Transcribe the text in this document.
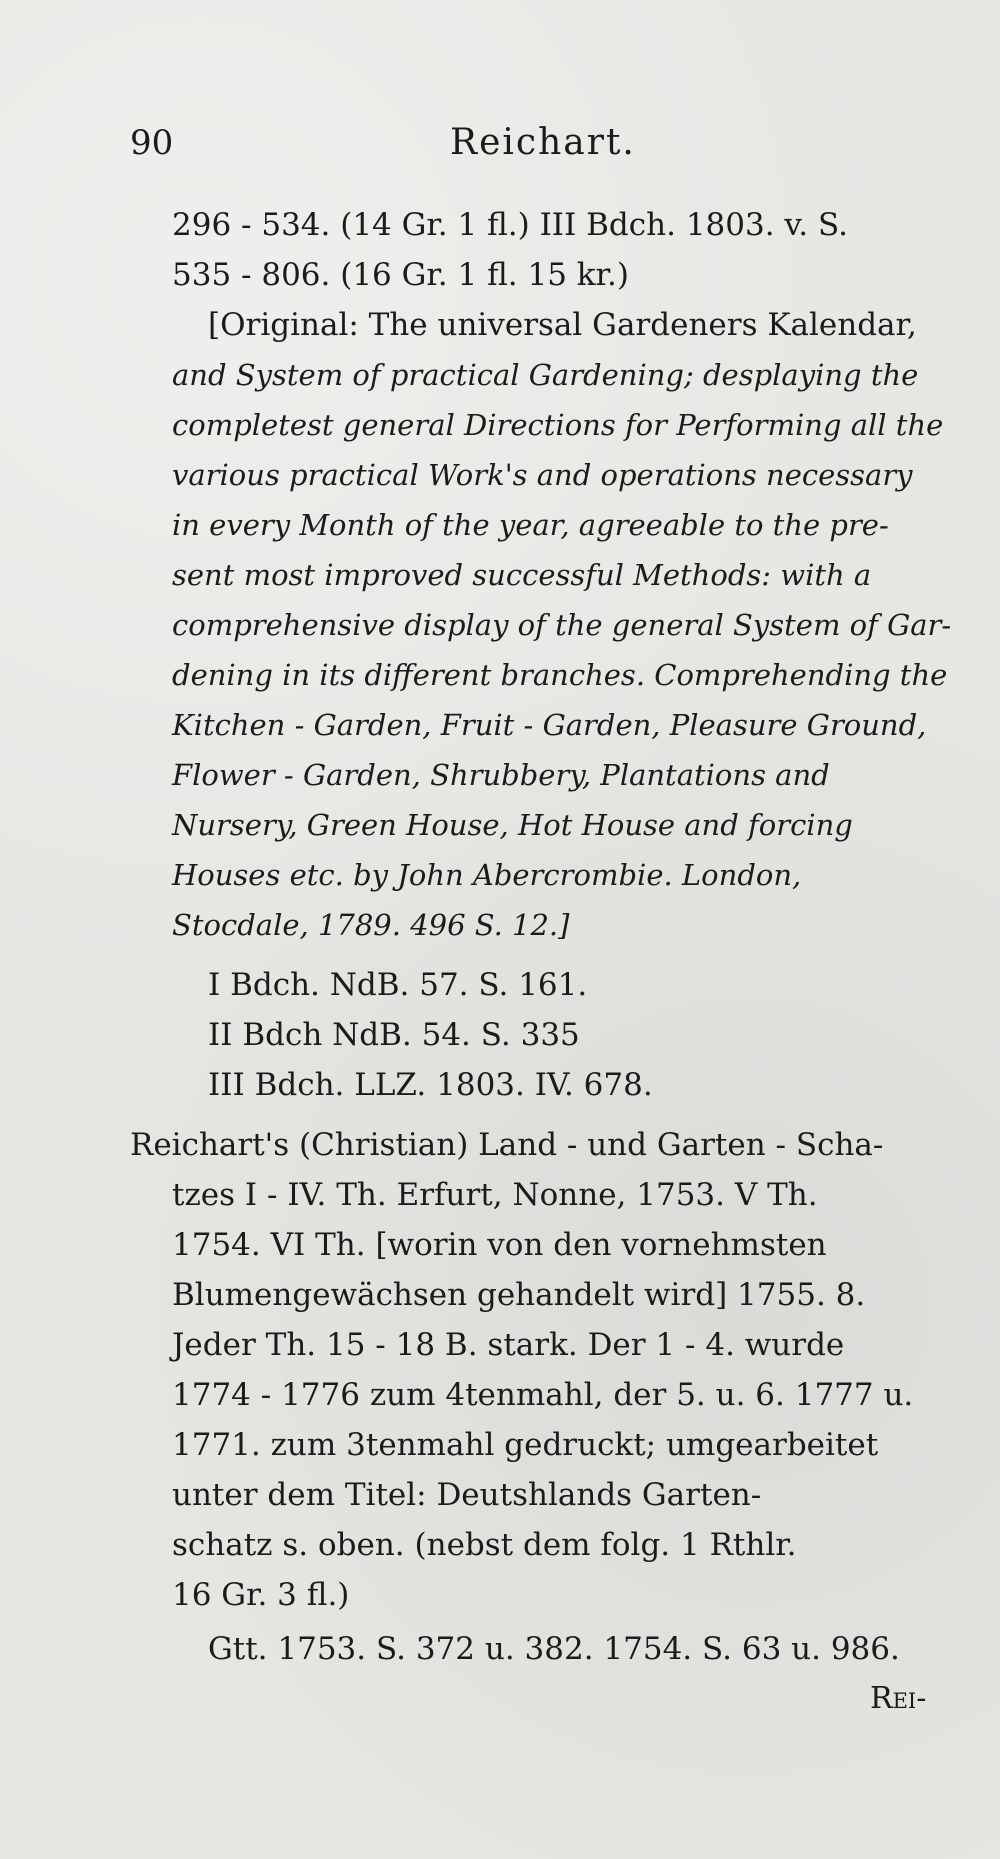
90	Reichart.
296 - 534. (14 Gr. 1 fl.) III Bdch. 1803. v. S.
535 - 806. (16 Gr. 1 fl. 15 kr.)
[Original: The universal Gardeners Kalendar,
and System of practical Gardening; desplaying the
completest general Directions for Performing all the
various practical Work's and operations necessary
in every Month of the year, agreeable to the pre-
sent most improved successful Methods: with a
comprehensive display of the general System of Gar-
dening in its different branches. Comprehending the
Kitchen - Garden, Fruit - Garden, Pleasure Ground,
Flower - Garden, Shrubbery, Plantations and
Nursery, Green House, Hot House and forcing
Houses etc. by John Abercrombie. London,
Stocdale, 1789. 496 S. 12.]
I Bdch. NdB. 57. S. 161.
II Bdch NdB. 54. S. 335
III Bdch. LLZ. 1803. IV. 678.
Reichart's (Christian) Land - und Garten - Scha-
tzes I - IV. Th. Erfurt, Nonne, 1753. V Th.
1754. VI Th. [worin von den vornehmsten
Blumengewächsen gehandelt wird] 1755. 8.
Jeder Th. 15 - 18 B. stark. Der 1 - 4. wurde
1774 - 1776 zum 4tenmahl, der 5. u. 6. 1777 u.
1771. zum 3tenmahl gedruckt; umgearbeitet
unter dem Titel: Deutshlands Garten-
schatz s. oben. (nebst dem folg. 1 Rthlr.
16 Gr. 3 fl.)
Gtt. 1753. S. 372 u. 382. 1754. S. 63 u. 986.
Rei-
